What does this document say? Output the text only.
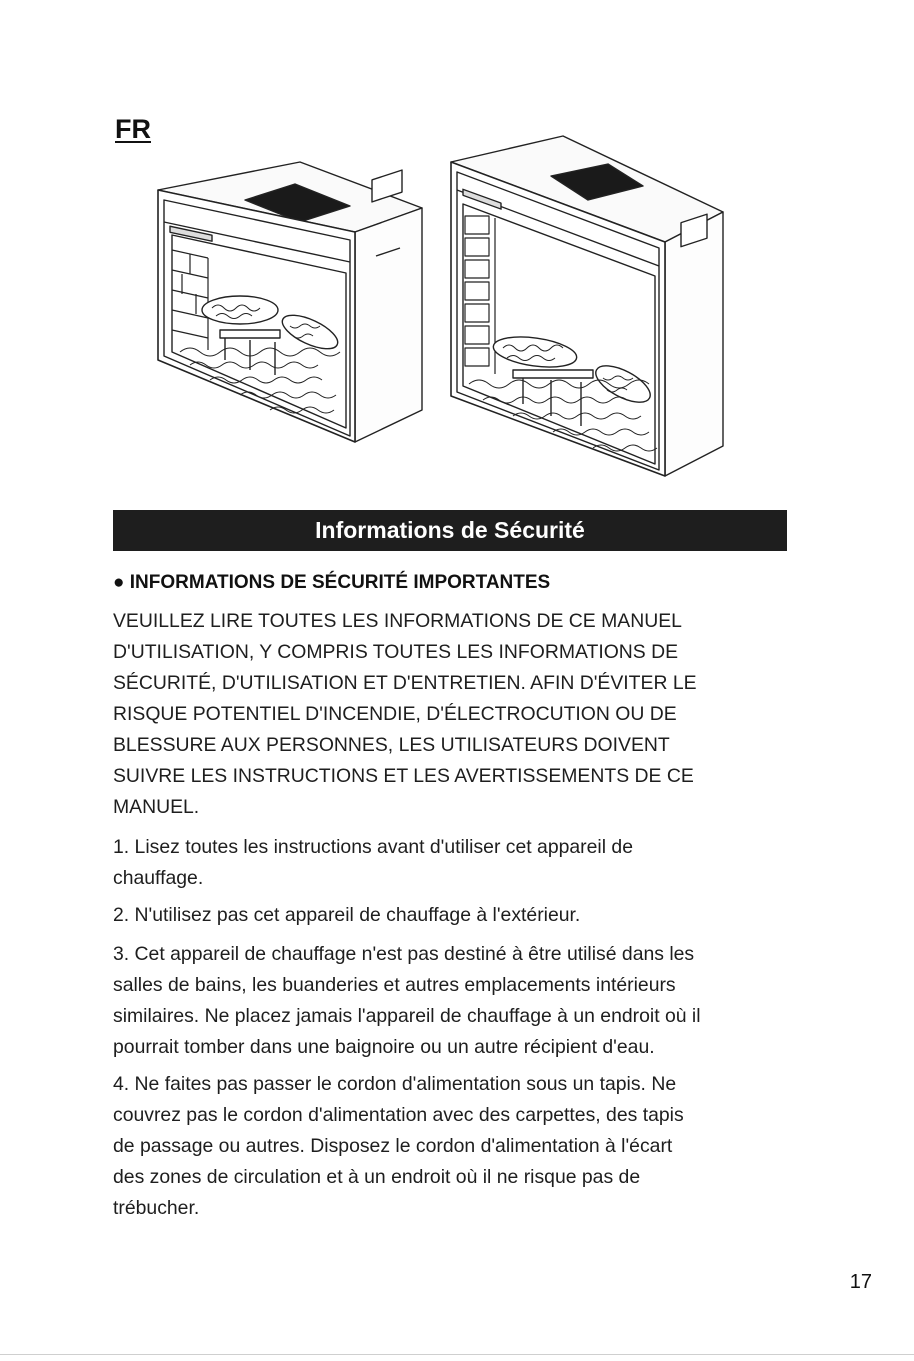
FR
Informations de Sécurité
● INFORMATIONS DE SÉCURITÉ IMPORTANTES

VEUILLEZ LIRE TOUTES LES INFORMATIONS DE CE MANUEL
D'UTILISATION, Y COMPRIS TOUTES LES INFORMATIONS DE
SÉCURITÉ, D'UTILISATION ET D'ENTRETIEN. AFIN D'ÉVITER LE
RISQUE POTENTIEL D'INCENDIE, D'ÉLECTROCUTION OU DE
BLESSURE AUX PERSONNES, LES UTILISATEURS DOIVENT
SUIVRE LES INSTRUCTIONS ET LES AVERTISSEMENTS DE CE
MANUEL.

1. Lisez toutes les instructions avant d'utiliser cet appareil de
chauffage.

2. N'utilisez pas cet appareil de chauffage à l'extérieur.

3. Cet appareil de chauffage n'est pas destiné à être utilisé dans les
salles de bains, les buanderies et autres emplacements intérieurs
similaires. Ne placez jamais l'appareil de chauffage à un endroit où il
pourrait tomber dans une baignoire ou un autre récipient d'eau.

4. Ne faites pas passer le cordon d'alimentation sous un tapis. Ne
couvrez pas le cordon d'alimentation avec des carpettes, des tapis
de passage ou autres. Disposez le cordon d'alimentation à l'écart
des zones de circulation et à un endroit où il ne risque pas de
trébucher.

17
